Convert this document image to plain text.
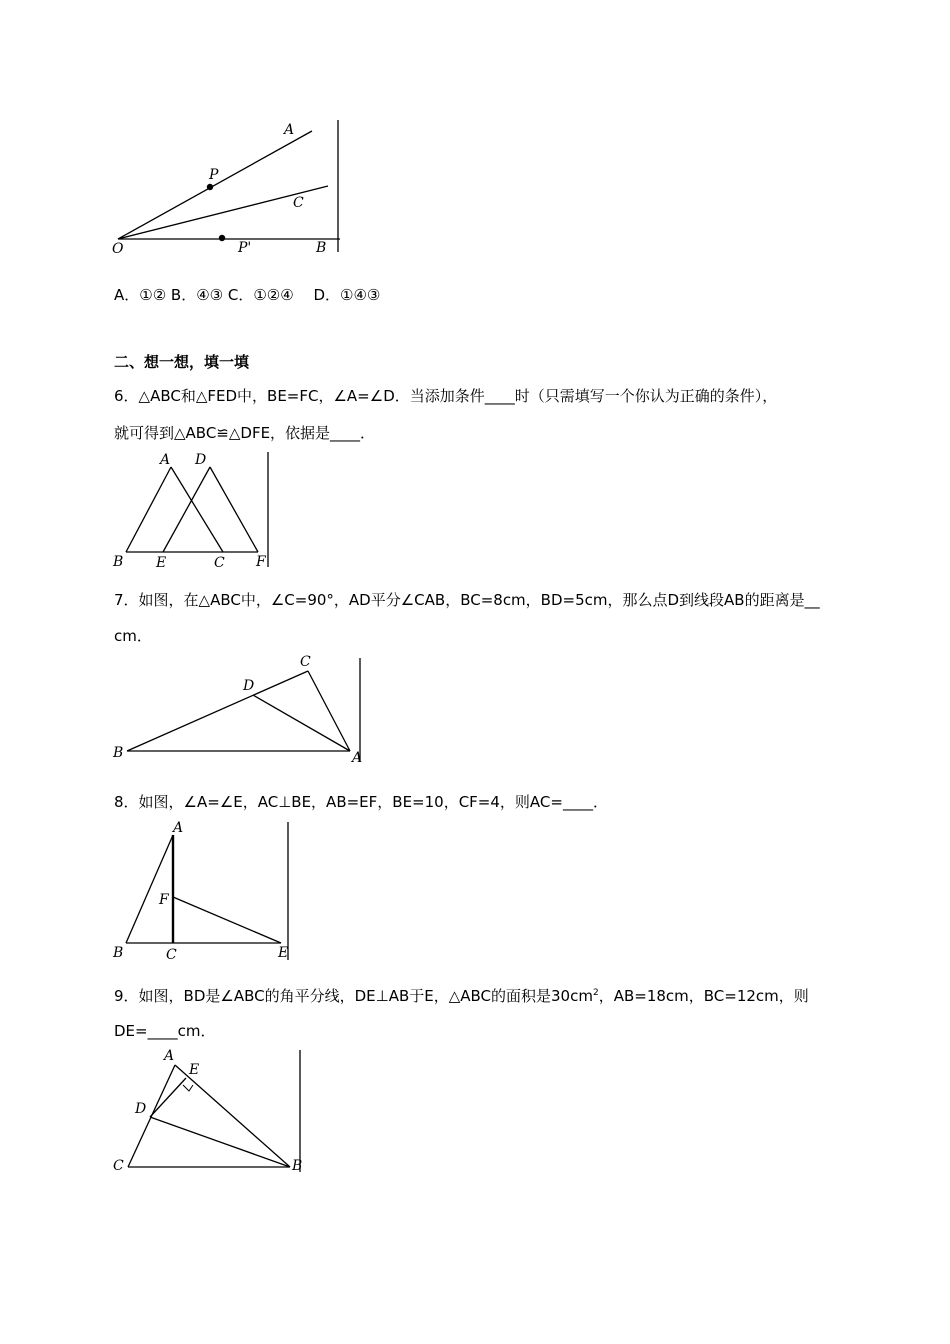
A
P
C
O	P'	B
A．①② B．④③ C．①②④　 D．①④③
二、想一想，填一填
6．△ABC和△FED中，BE=FC，∠A=∠D．当添加条件____时（只需填写一个你认为正确的条件），
就可得到△ABC≌△DFE，依据是____．
A D
B E	C F
7．如图，在△ABC中，∠C=90°，AD平分∠CAB，BC=8cm，BD=5cm，那么点D到线段AB的距离是__
cm．
C
D
B	A
8．如图，∠A=∠E，AC⊥BE，AB=EF，BE=10，CF=4，则AC=____．
A
F
B	C	E
9．如图，BD是∠ABC的角平分线，DE⊥AB于E，△ABC的面积是$30cm^2$，AB=18cm，BC=12cm，则
DE=____cm．
A
E
D
C	B
